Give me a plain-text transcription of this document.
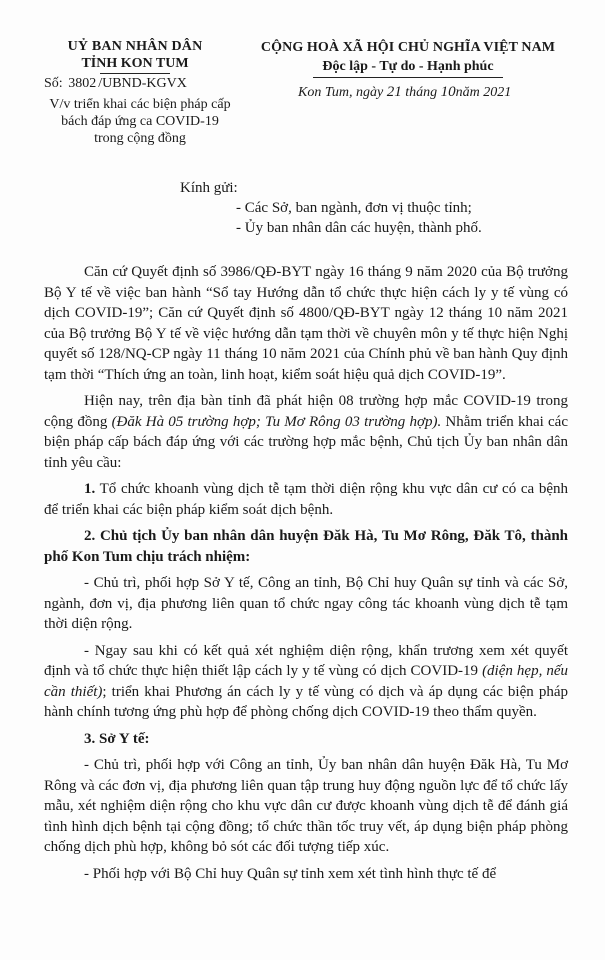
UỶ BAN NHÂN DÂN
TỈNH KON TUM
Số: 3802 /UBND-KGVX
V/v triển khai các biện pháp cấp
bách đáp ứng ca COVID-19
trong cộng đồng
CỘNG HOÀ XÃ HỘI CHỦ NGHĨA VIỆT NAM
Độc lập - Tự do - Hạnh phúc
Kon Tum, ngày 21 tháng 10năm 2021
Kính gửi:
- Các Sở, ban ngành, đơn vị thuộc tỉnh;
- Ủy ban nhân dân các huyện, thành phố.

Căn cứ Quyết định số 3986/QĐ-BYT ngày 16 tháng 9 năm 2020 của Bộ trưởng Bộ Y tế về việc ban hành “Sổ tay Hướng dẫn tổ chức thực hiện cách ly y tế vùng có dịch COVID-19”; Căn cứ Quyết định số 4800/QĐ-BYT ngày 12 tháng 10 năm 2021 của Bộ trưởng Bộ Y tế về việc hướng dẫn tạm thời về chuyên môn y tế thực hiện Nghị quyết số 128/NQ-CP ngày 11 tháng 10 năm 2021 của Chính phủ về ban hành Quy định tạm thời “Thích ứng an toàn, linh hoạt, kiểm soát hiệu quả dịch COVID-19”.

Hiện nay, trên địa bàn tỉnh đã phát hiện 08 trường hợp mắc COVID-19 trong cộng đồng (Đăk Hà 05 trường hợp; Tu Mơ Rông 03 trường hợp). Nhằm triển khai các biện pháp cấp bách đáp ứng với các trường hợp mắc bệnh, Chủ tịch Ủy ban nhân dân tỉnh yêu cầu:

1. Tổ chức khoanh vùng dịch tễ tạm thời diện rộng khu vực dân cư có ca bệnh để triển khai các biện pháp kiểm soát dịch bệnh.

2. Chủ tịch Ủy ban nhân dân huyện Đăk Hà, Tu Mơ Rông, Đăk Tô, thành phố Kon Tum chịu trách nhiệm:

- Chủ trì, phối hợp Sở Y tế, Công an tỉnh, Bộ Chỉ huy Quân sự tỉnh và các Sở, ngành, đơn vị, địa phương liên quan tổ chức ngay công tác khoanh vùng dịch tễ tạm thời diện rộng.

- Ngay sau khi có kết quả xét nghiệm diện rộng, khẩn trương xem xét quyết định và tổ chức thực hiện thiết lập cách ly y tế vùng có dịch COVID-19 (diện hẹp, nếu cần thiết); triển khai Phương án cách ly y tế vùng có dịch và áp dụng các biện pháp hành chính tương ứng phù hợp để phòng chống dịch COVID-19 theo thẩm quyền.

3. Sở Y tế:

- Chủ trì, phối hợp với Công an tỉnh, Ủy ban nhân dân huyện Đăk Hà, Tu Mơ Rông và các đơn vị, địa phương liên quan tập trung huy động nguồn lực để tổ chức lấy mẫu, xét nghiệm diện rộng cho khu vực dân cư được khoanh vùng dịch tễ để đánh giá tình hình dịch bệnh tại cộng đồng; tổ chức thần tốc truy vết, áp dụng biện pháp phòng chống dịch phù hợp, không bỏ sót các đối tượng tiếp xúc.

- Phối hợp với Bộ Chỉ huy Quân sự tỉnh xem xét tình hình thực tế để
